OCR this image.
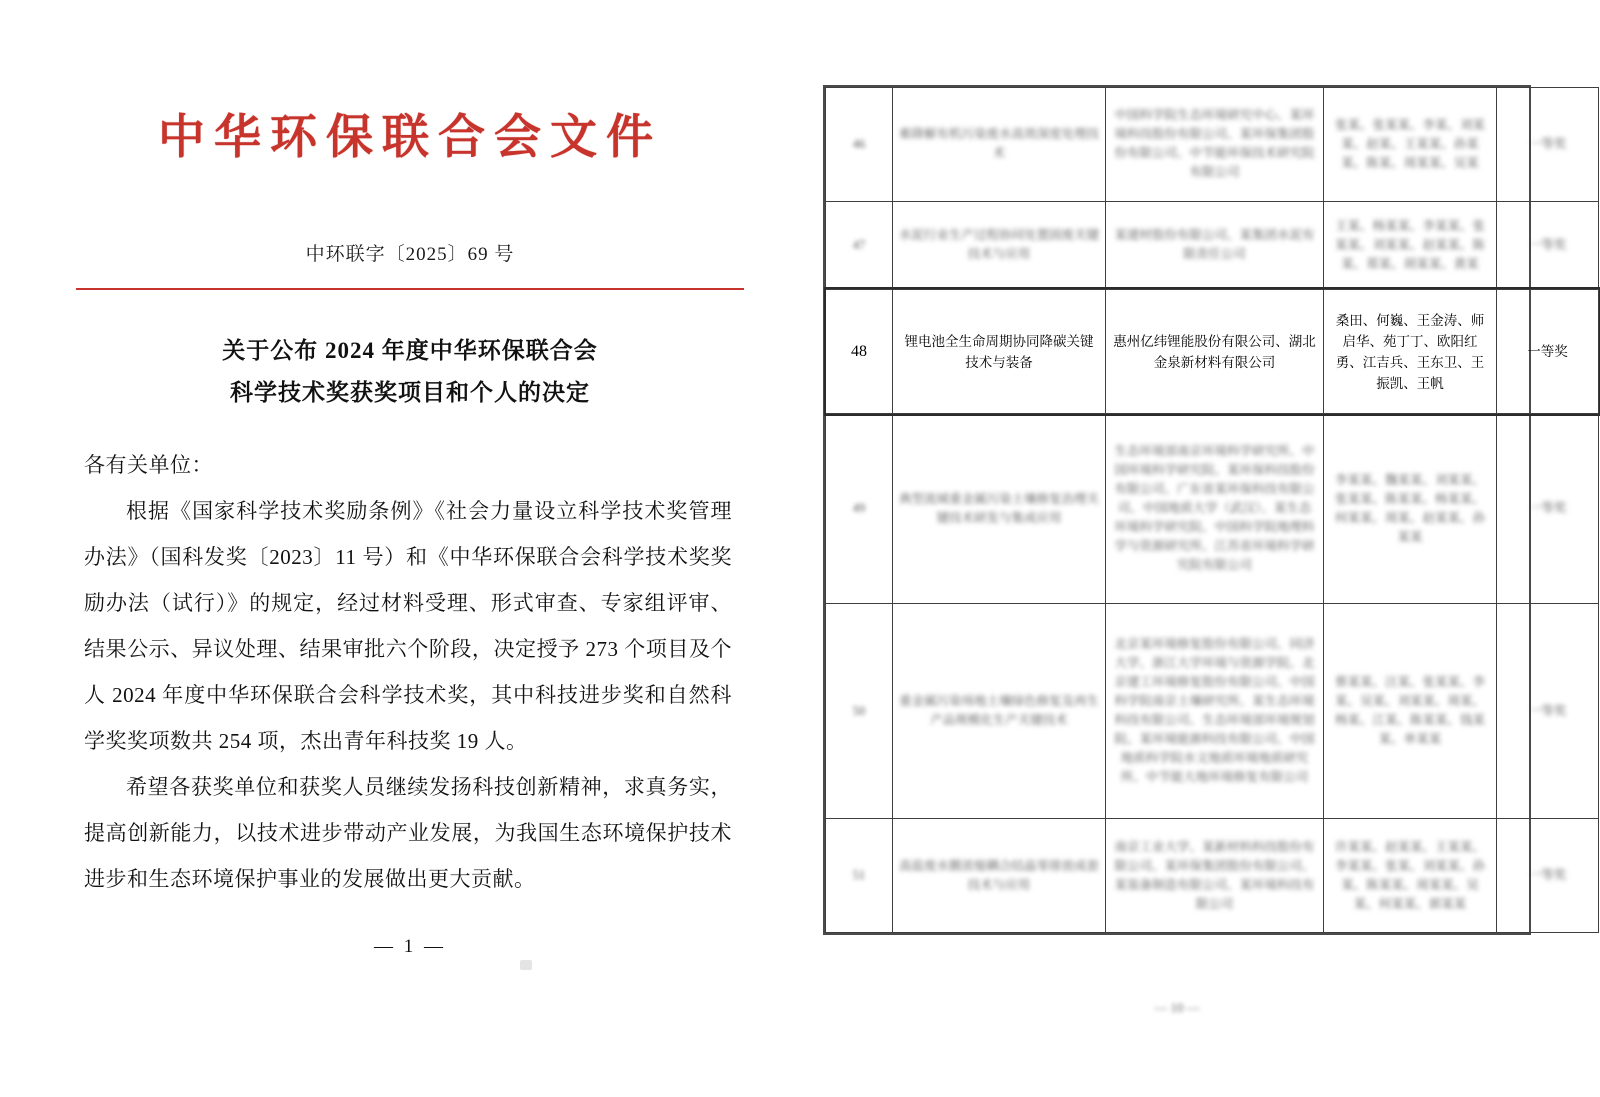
中华环保联合会文件
中环联字〔2025〕69 号
关于公布 2024 年度中华环保联合会
科学技术奖获奖项目和个人的决定

各有关单位：

根据《国家科学技术奖励条例》《社会力量设立科学技术奖管理办法》（国科发奖〔2023〕11 号）和《中华环保联合会科学技术奖奖励办法（试行）》的规定，经过材料受理、形式审查、专家组评审、结果公示、异议处理、结果审批六个阶段，决定授予 273 个项目及个人 2024 年度中华环保联合会科学技术奖，其中科技进步奖和自然科学奖奖项数共 254 项，杰出青年科技奖 19 人。

希望各获奖单位和获奖人员继续发扬科技创新精神，求真务实，提高创新能力，以技术进步带动产业发展，为我国生态环境保护技术进步和生态环境保护事业的发展做出更大贡献。

— 1 —
46	难降解有机污染废水高效深度处理技术	中国科学院生态环境研究中心、某环境科技股份有限公司、某环保集团股份有限公司、中节能环保技术研究院有限公司	张某、张某某、李某、刘某某、赵某、王某某、孙某某、陈某、周某某、吴某	一等奖
47	水泥行业生产过程协同处置固废关键技术与应用	某建材股份有限公司、某集团水泥有限责任公司	王某、杨某某、李某某、张某某、刘某某、赵某某、陈某、郑某、胡某某、黄某	一等奖
48	锂电池全生命周期协同降碳关键技术与装备	惠州亿纬锂能股份有限公司、湖北金泉新材料有限公司	桑田、何巍、王金涛、师启华、苑丁丁、欧阳红勇、江吉兵、王东卫、王振凯、王帆	一等奖
49	典型流域重金属污染土壤修复治理关键技术研发与集成应用	生态环境部南京环境科学研究所、中国环境科学研究院、某环保科技股份有限公司、广东省某环保科技有限公司、中国地质大学（武汉）、某生态环境科学研究院、中国科学院地理科学与资源研究所、江苏省环境科学研究院有限公司	李某某、魏某某、刘某某、张某某、陈某某、杨某某、何某某、周某、赵某某、孙某某	一等奖
50	重金属污染场地土壤绿色修复及再生产品规模化生产关键技术	北京某环境修复股份有限公司、同济大学、浙江大学环境与资源学院、北京建工环境修复股份有限公司、中国科学院南京土壤研究所、某生态环境科技有限公司、生态环境部环境规划院、某环境能源科技有限公司、中国地质科学院水文地质环境地质研究所、中节能大地环境修复有限公司	蔡某某、汪某、张某某、李某、吴某、刘某某、周某、杨某、江某、陈某某、钱某某、单某某	一等奖
51	高盐废水膜浓缩耦合结晶零排放成套技术与应用	南京工业大学、某新材料科技股份有限公司、某环保集团股份有限公司、某装备制造有限公司、某环境科技有限公司	许某某、赵某某、王某某、李某某、张某、刘某某、孙某、陈某某、周某某、吴某、何某某、郭某某	一等奖
— 10 —
